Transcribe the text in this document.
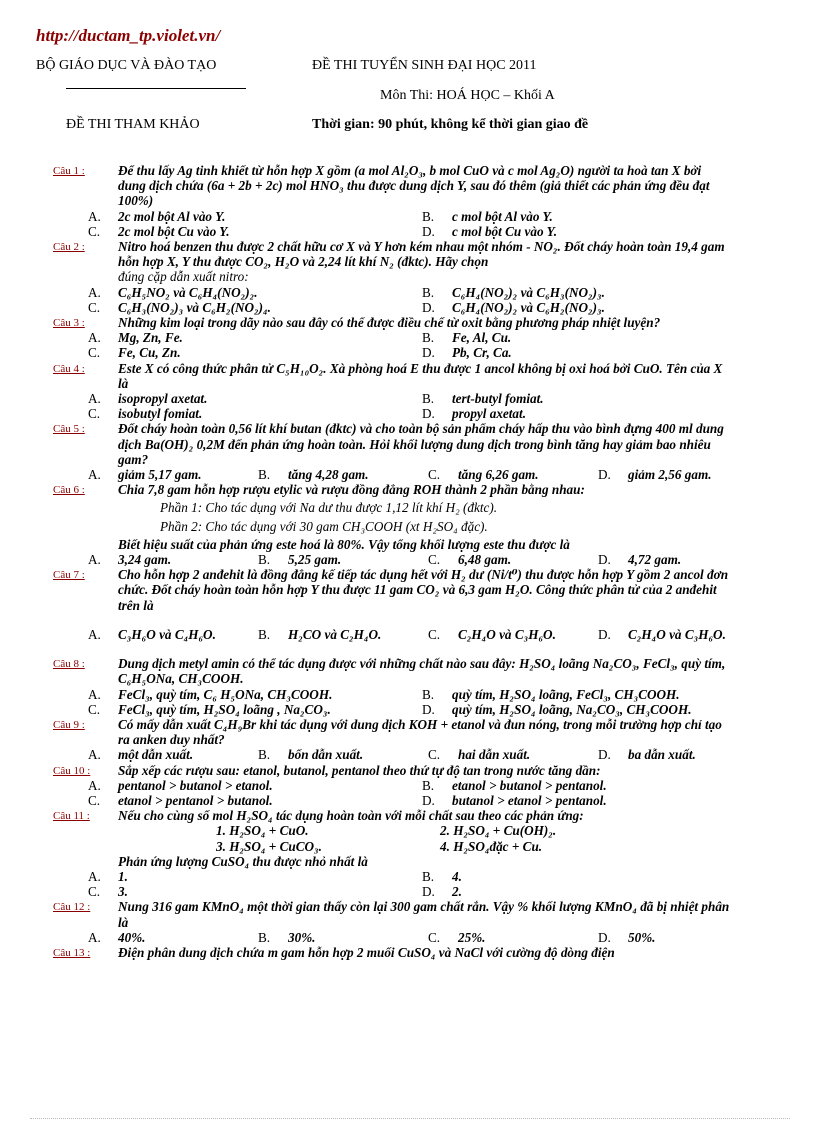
http://ductam_tp.violet.vn/
BỘ GIÁO DỤC VÀ ĐÀO TẠO	ĐỀ THI TUYỂN SINH ĐẠI HỌC 2011
Môn Thi: HOÁ HỌC – Khối A
ĐỀ THI THAM KHẢO	Thời gian: 90 phút, không kể thời gian giao đề
Câu 1 :	Để thu lấy Ag tinh khiết từ hỗn hợp X gồm (a mol Al₂O₃, b mol CuO và c mol Ag₂O) người ta hoà tan X bởi dung dịch chứa (6a + 2b + 2c) mol HNO₃ thu được dung dịch Y, sau đó thêm (giả thiết các phản ứng đều đạt 100%)
A.	2c mol bột Al vào Y.	B.	c mol bột Al vào Y.
C.	2c mol bột Cu vào Y.	D.	c mol bột Cu vào Y.
Câu 2 :	Nitro hoá benzen thu được 2 chất hữu cơ X và Y hơn kém nhau một nhóm - NO₂. Đốt cháy hoàn toàn 19,4 gam hỗn hợp X, Y thu được CO₂, H₂O và 2,24 lít khí N₂ (đktc). Hãy chọn
đúng cặp dẫn xuất nitro:
A.	C₆H₅NO₂ và C₆H₄(NO₂)₂.	B.	C₆H₄(NO₂)₂ và C₆H₃(NO₂)₃.
C.	C₆H₃(NO₂)₃ và C₆H₂(NO₂)₄.	D.	C₆H₄(NO₂)₂ và C₆H₂(NO₂)₃.
Câu 3 :	Những kim loại trong dãy nào sau đây có thể được điều chế từ oxit bằng phương pháp nhiệt luyện?
A.	Mg, Zn, Fe.	B.	Fe, Al, Cu.
C.	Fe, Cu, Zn.	D.	Pb, Cr, Ca.
Câu 4 :	Este X có công thức phân tử C₅H₁₀O₂. Xà phòng hoá E thu được 1 ancol không bị oxi hoá bởi CuO. Tên của X là
A.	isopropyl axetat.	B.	tert-butyl fomiat.
C.	isobutyl fomiat.	D.	propyl axetat.
Câu 5 :	Đốt cháy hoàn toàn 0,56 lít khí butan (đktc) và cho toàn bộ sản phẩm cháy hấp thu vào bình đựng 400 ml dung dịch Ba(OH)₂ 0,2M đến phản ứng hoàn toàn. Hỏi khối lượng dung dịch trong bình tăng hay giảm bao nhiêu gam?
A.	giảm 5,17 gam.	B.	tăng 4,28 gam.	C.	tăng 6,26 gam.	D.	giảm 2,56 gam.
Câu 6 :	Chia 7,8 gam hỗn hợp rượu etylic và rượu đồng đẳng ROH thành 2 phần bằng nhau:
Phần 1: Cho tác dụng với Na dư thu được 1,12 lít khí H₂ (đktc).
Phần 2: Cho tác dụng với 30 gam CH₃COOH (xt H₂SO₄ đặc).
Biết hiệu suất của phản ứng este hoá là 80%. Vậy tổng khối lượng este thu được là
A.	3,24 gam.	B.	5,25 gam.	C.	6,48 gam.	D.	4,72 gam.
Câu 7 :	Cho hỗn hợp 2 anđehit là đồng đẳng kế tiếp tác dụng hết với H₂ dư (Ni/t⁰) thu được hỗn hợp Y gồm 2 ancol đơn chức. Đốt cháy hoàn toàn hỗn hợp Y thu được 11 gam CO₂ và 6,3 gam H₂O. Công thức phân tử của 2 anđehit trên là
A.	C₃H₆O và C₄H₆O.	B.	H₂CO và C₂H₄O.	C.	C₂H₄O và C₃H₆O.	D.	C₂H₄O và C₃H₆O.
Câu 8 :	Dung dịch metyl amin có thể tác dụng được với những chất nào sau đây: H₂SO₄ loãng Na₂CO₃, FeCl₃, quỳ tím, C₆H₅ONa, CH₃COOH.
A.	FeCl₃, quỳ tím, C₆ H₅ONa, CH₃COOH.	B.	quỳ tím, H₂SO₄ loãng, FeCl₃, CH₃COOH.
C.	FeCl₃, quỳ tím, H₂SO₄ loãng , Na₂CO₃.	D.	quỳ tím, H₂SO₄ loãng, Na₂CO₃, CH₃COOH.
Câu 9 :	Có mấy dẫn xuất C₄H₉Br khi tác dụng với dung dịch KOH + etanol và đun nóng, trong mỗi trường hợp chỉ tạo ra anken duy nhất?
A.	một dẫn xuất.	B.	bốn dẫn xuất.	C.	hai dẫn xuất.	D.	ba dẫn xuất.
Câu 10 : Sắp xếp các rượu sau: etanol, butanol, pentanol theo thứ tự độ tan trong nước tăng dần:
A.	pentanol > butanol > etanol.	B.	etanol > butanol > pentanol.
C.	etanol > pentanol > butanol.	D.	butanol > etanol > pentanol.
Câu 11 : Nếu cho cùng số mol H₂SO₄ tác dụng hoàn toàn với mỗi chất sau theo các phản ứng:
1. H₂SO₄ + CuO.	2. H₂SO₄ + Cu(OH)₂.
3. H₂SO₄ + CuCO₃.	4. H₂SO₄đặc + Cu.
Phản ứng lượng CuSO₄ thu được nhỏ nhất là
A.	1.	B.	4.
C.	3.	D.	2.
Câu 12 : Nung 316 gam KMnO₄ một thời gian thấy còn lại 300 gam chất rắn. Vậy % khối lượng KMnO₄ đã bị nhiệt phân là
A.	40%.	B.	30%.	C.	25%.	D.	50%.
Câu 13 : Điện phân dung dịch chứa m gam hỗn hợp 2 muối CuSO₄ và NaCl với cường độ dòng điện
